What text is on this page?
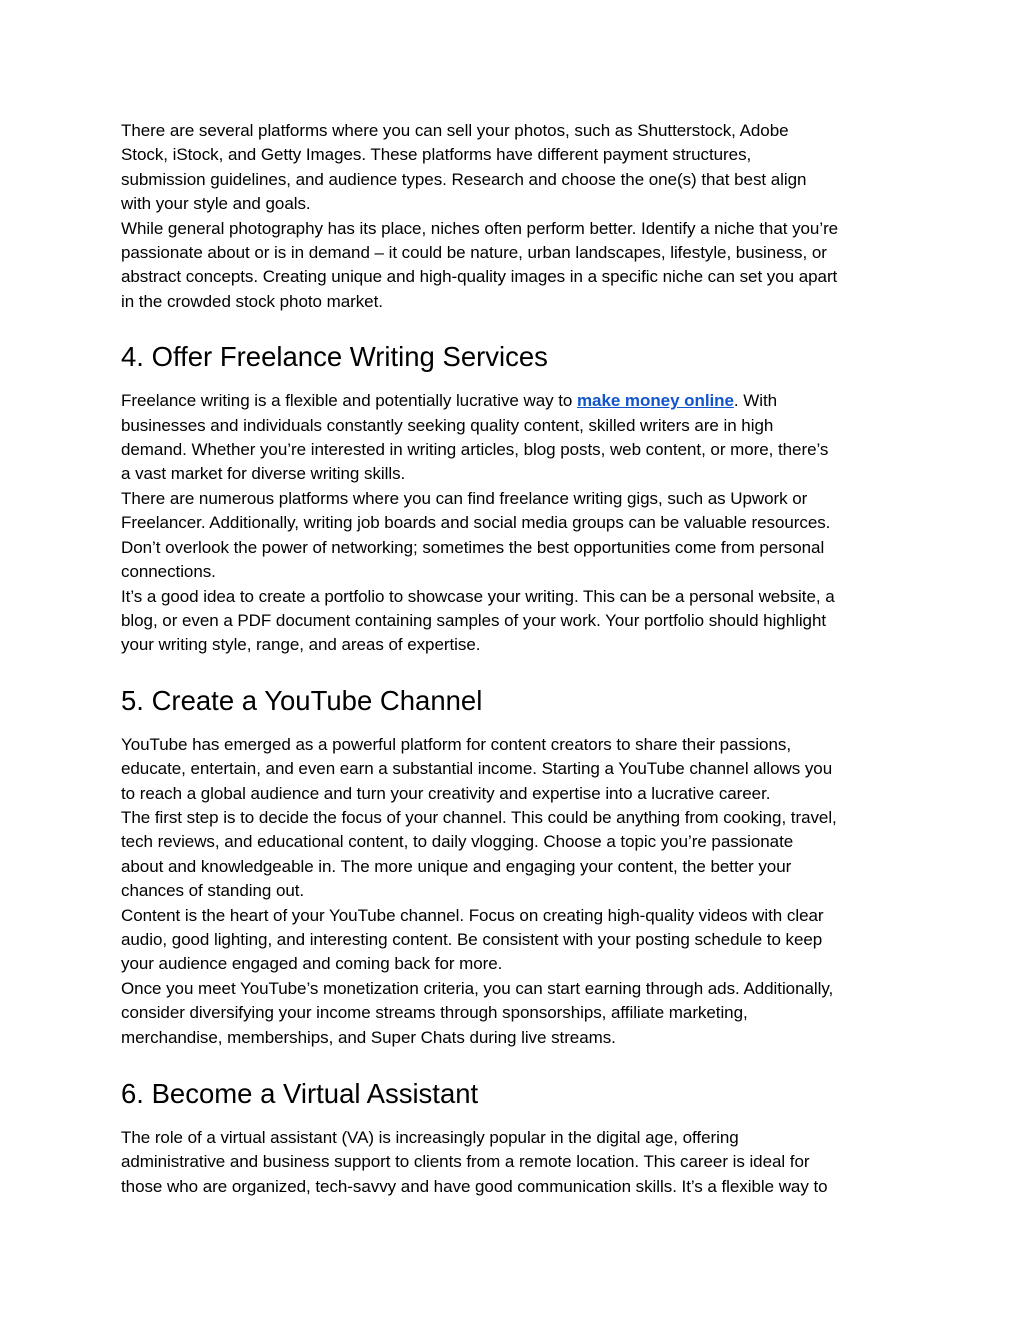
There are several platforms where you can sell your photos, such as Shutterstock, Adobe
Stock, iStock, and Getty Images. These platforms have different payment structures,
submission guidelines, and audience types. Research and choose the one(s) that best align
with your style and goals.

While general photography has its place, niches often perform better. Identify a niche that you’re
passionate about or is in demand – it could be nature, urban landscapes, lifestyle, business, or
abstract concepts. Creating unique and high-quality images in a specific niche can set you apart
in the crowded stock photo market.

4. Offer Freelance Writing Services

Freelance writing is a flexible and potentially lucrative way to make money online. With
businesses and individuals constantly seeking quality content, skilled writers are in high
demand. Whether you’re interested in writing articles, blog posts, web content, or more, there’s
a vast market for diverse writing skills.

There are numerous platforms where you can find freelance writing gigs, such as Upwork or
Freelancer. Additionally, writing job boards and social media groups can be valuable resources.
Don’t overlook the power of networking; sometimes the best opportunities come from personal
connections.

It’s a good idea to create a portfolio to showcase your writing. This can be a personal website, a
blog, or even a PDF document containing samples of your work. Your portfolio should highlight
your writing style, range, and areas of expertise.

5. Create a YouTube Channel

YouTube has emerged as a powerful platform for content creators to share their passions,
educate, entertain, and even earn a substantial income. Starting a YouTube channel allows you
to reach a global audience and turn your creativity and expertise into a lucrative career.

The first step is to decide the focus of your channel. This could be anything from cooking, travel,
tech reviews, and educational content, to daily vlogging. Choose a topic you’re passionate
about and knowledgeable in. The more unique and engaging your content, the better your
chances of standing out.

Content is the heart of your YouTube channel. Focus on creating high-quality videos with clear
audio, good lighting, and interesting content. Be consistent with your posting schedule to keep
your audience engaged and coming back for more.

Once you meet YouTube’s monetization criteria, you can start earning through ads. Additionally,
consider diversifying your income streams through sponsorships, affiliate marketing,
merchandise, memberships, and Super Chats during live streams.

6. Become a Virtual Assistant

The role of a virtual assistant (VA) is increasingly popular in the digital age, offering
administrative and business support to clients from a remote location. This career is ideal for
those who are organized, tech-savvy and have good communication skills. It’s a flexible way to
